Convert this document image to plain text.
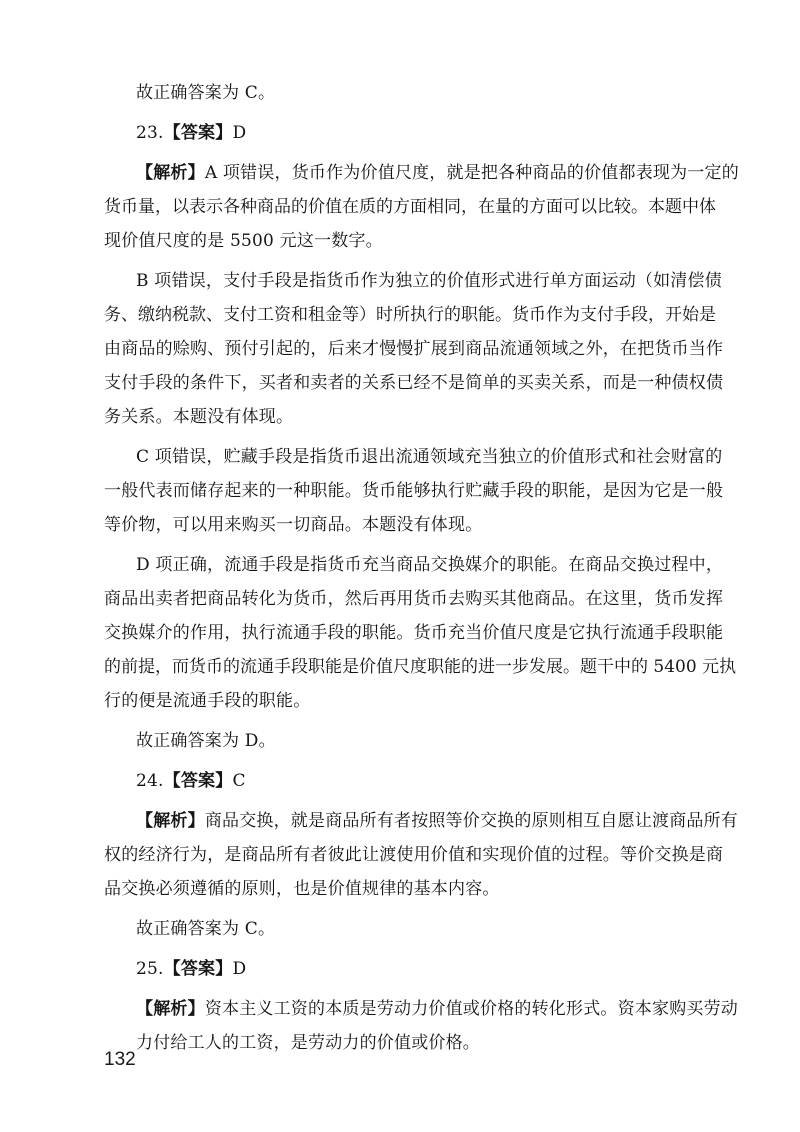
故正确答案为 C。
23.【答案】D
【解析】A 项错误，货币作为价值尺度，就是把各种商品的价值都表现为一定的
货币量，以表示各种商品的价值在质的方面相同，在量的方面可以比较。本题中体
现价值尺度的是 5500 元这一数字。
B 项错误，支付手段是指货币作为独立的价值形式进行单方面运动（如清偿债
务、缴纳税款、支付工资和租金等）时所执行的职能。货币作为支付手段，开始是
由商品的赊购、预付引起的，后来才慢慢扩展到商品流通领域之外，在把货币当作
支付手段的条件下，买者和卖者的关系已经不是简单的买卖关系，而是一种债权债
务关系。本题没有体现。
C 项错误，贮藏手段是指货币退出流通领域充当独立的价值形式和社会财富的
一般代表而储存起来的一种职能。货币能够执行贮藏手段的职能，是因为它是一般
等价物，可以用来购买一切商品。本题没有体现。
D 项正确，流通手段是指货币充当商品交换媒介的职能。在商品交换过程中，
商品出卖者把商品转化为货币，然后再用货币去购买其他商品。在这里，货币发挥
交换媒介的作用，执行流通手段的职能。货币充当价值尺度是它执行流通手段职能
的前提，而货币的流通手段职能是价值尺度职能的进一步发展。题干中的 5400 元执
行的便是流通手段的职能。
故正确答案为 D。
24.【答案】C
【解析】商品交换，就是商品所有者按照等价交换的原则相互自愿让渡商品所有
权的经济行为，是商品所有者彼此让渡使用价值和实现价值的过程。等价交换是商
品交换必须遵循的原则，也是价值规律的基本内容。
故正确答案为 C。
25.【答案】D
【解析】资本主义工资的本质是劳动力价值或价格的转化形式。资本家购买劳动
力付给工人的工资，是劳动力的价值或价格。
132
